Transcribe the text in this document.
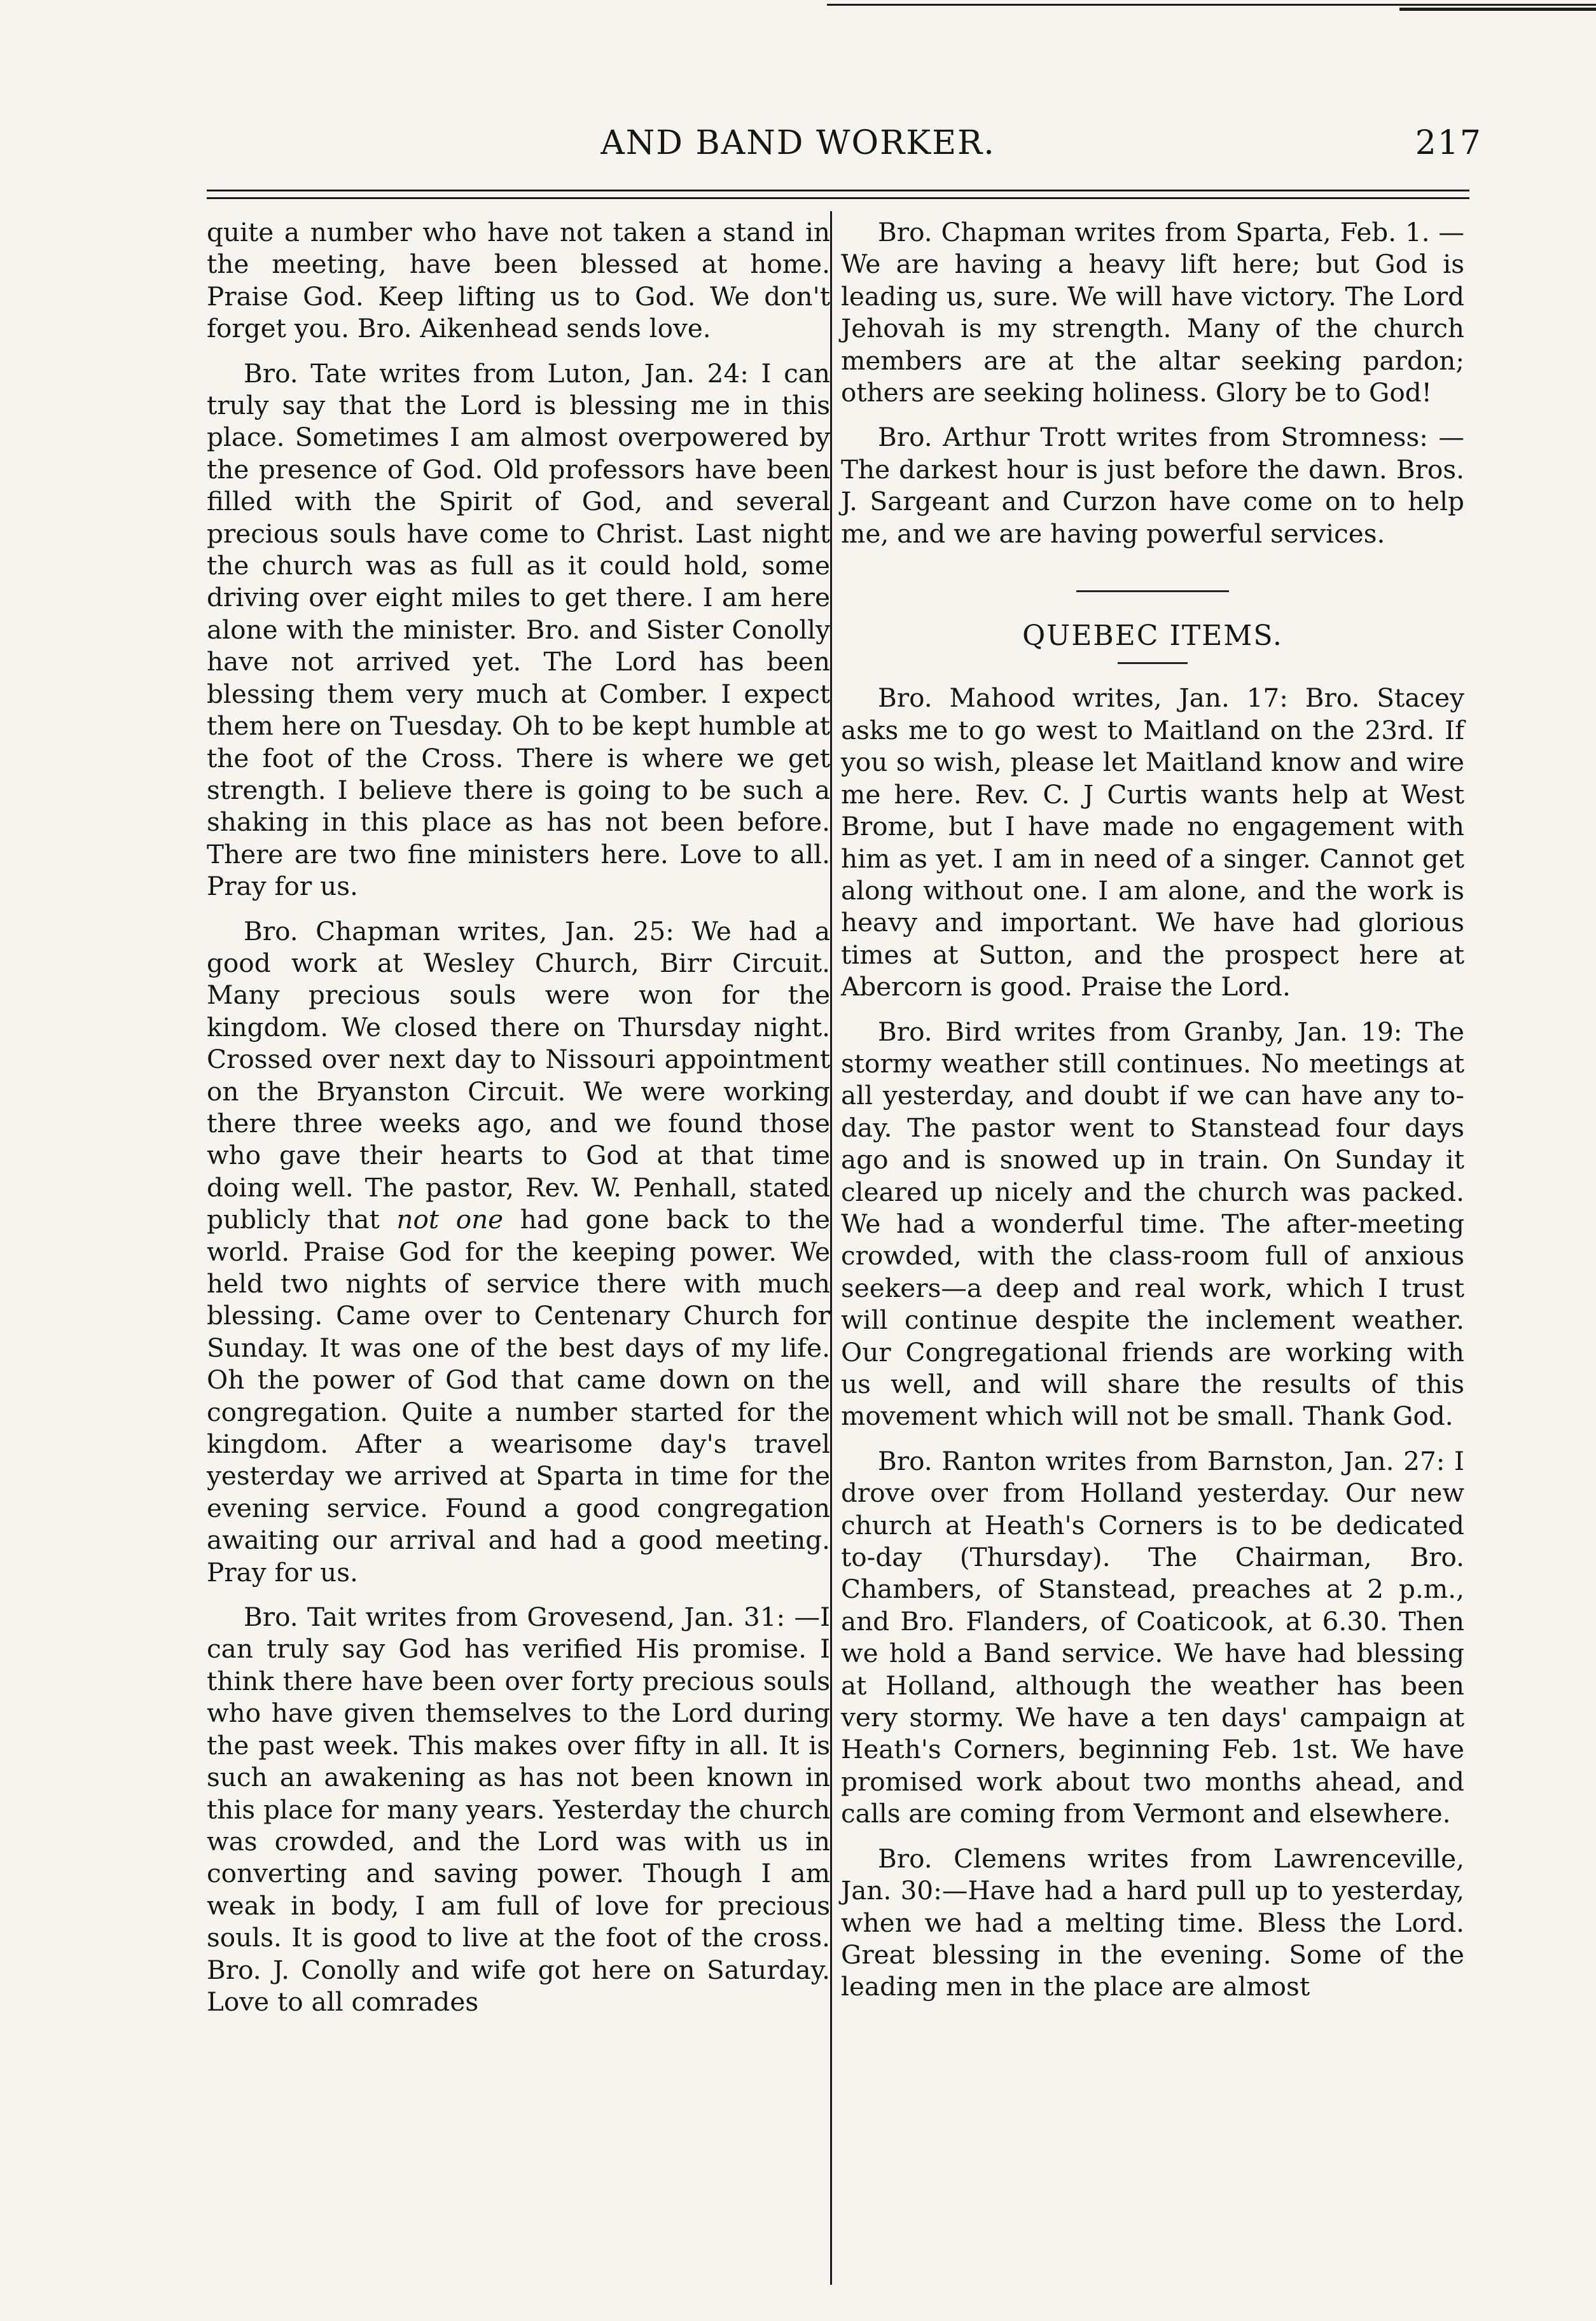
AND BAND WORKER.	217

quite a number who have not taken a stand in the meeting, have been blessed at home. Praise God. Keep lifting us to God. We don't forget you. Bro. Aikenhead sends love.

Bro. Tate writes from Luton, Jan. 24: I can truly say that the Lord is blessing me in this place. Sometimes I am almost overpowered by the presence of God. Old professors have been filled with the Spirit of God, and several precious souls have come to Christ. Last night the church was as full as it could hold, some driving over eight miles to get there. I am here alone with the minister. Bro. and Sister Conolly have not arrived yet. The Lord has been blessing them very much at Comber. I expect them here on Tuesday. Oh to be kept humble at the foot of the Cross. There is where we get strength. I believe there is going to be such a shaking in this place as has not been before. There are two fine ministers here. Love to all. Pray for us.

Bro. Chapman writes, Jan. 25: We had a good work at Wesley Church, Birr Circuit. Many precious souls were won for the kingdom. We closed there on Thursday night. Crossed over next day to Nissouri appointment on the Bryanston Circuit. We were working there three weeks ago, and we found those who gave their hearts to God at that time doing well. The pastor, Rev. W. Penhall, stated publicly that not one had gone back to the world. Praise God for the keeping power. We held two nights of service there with much blessing. Came over to Centenary Church for Sunday. It was one of the best days of my life. Oh the power of God that came down on the congregation. Quite a number started for the kingdom. After a wearisome day's travel yesterday we arrived at Sparta in time for the evening service. Found a good congregation awaiting our arrival and had a good meeting. Pray for us.

Bro. Tait writes from Grovesend, Jan. 31: —I can truly say God has verified His promise. I think there have been over forty precious souls who have given themselves to the Lord during the past week. This makes over fifty in all. It is such an awakening as has not been known in this place for many years. Yesterday the church was crowded, and the Lord was with us in converting and saving power. Though I am weak in body, I am full of love for precious souls. It is good to live at the foot of the cross. Bro. J. Conolly and wife got here on Saturday. Love to all comrades

Bro. Chapman writes from Sparta, Feb. 1. —We are having a heavy lift here; but God is leading us, sure. We will have victory. The Lord Jehovah is my strength. Many of the church members are at the altar seeking pardon; others are seeking holiness. Glory be to God!

Bro. Arthur Trott writes from Stromness: —The darkest hour is just before the dawn. Bros. J. Sargeant and Curzon have come on to help me, and we are having powerful services.

QUEBEC ITEMS.

Bro. Mahood writes, Jan. 17: Bro. Stacey asks me to go west to Maitland on the 23rd. If you so wish, please let Maitland know and wire me here. Rev. C. J Curtis wants help at West Brome, but I have made no engagement with him as yet. I am in need of a singer. Cannot get along without one. I am alone, and the work is heavy and important. We have had glorious times at Sutton, and the prospect here at Abercorn is good. Praise the Lord.

Bro. Bird writes from Granby, Jan. 19: The stormy weather still continues. No meetings at all yesterday, and doubt if we can have any to-day. The pastor went to Stanstead four days ago and is snowed up in train. On Sunday it cleared up nicely and the church was packed. We had a wonderful time. The after-meeting crowded, with the class-room full of anxious seekers—a deep and real work, which I trust will continue despite the inclement weather. Our Congregational friends are working with us well, and will share the results of this movement which will not be small. Thank God.

Bro. Ranton writes from Barnston, Jan. 27: I drove over from Holland yesterday. Our new church at Heath's Corners is to be dedicated to-day (Thursday). The Chairman, Bro. Chambers, of Stanstead, preaches at 2 p.m., and Bro. Flanders, of Coaticook, at 6.30. Then we hold a Band service. We have had blessing at Holland, although the weather has been very stormy. We have a ten days' campaign at Heath's Corners, beginning Feb. 1st. We have promised work about two months ahead, and calls are coming from Vermont and elsewhere.

Bro. Clemens writes from Lawrenceville, Jan. 30:—Have had a hard pull up to yesterday, when we had a melting time. Bless the Lord. Great blessing in the evening. Some of the leading men in the place are almost
